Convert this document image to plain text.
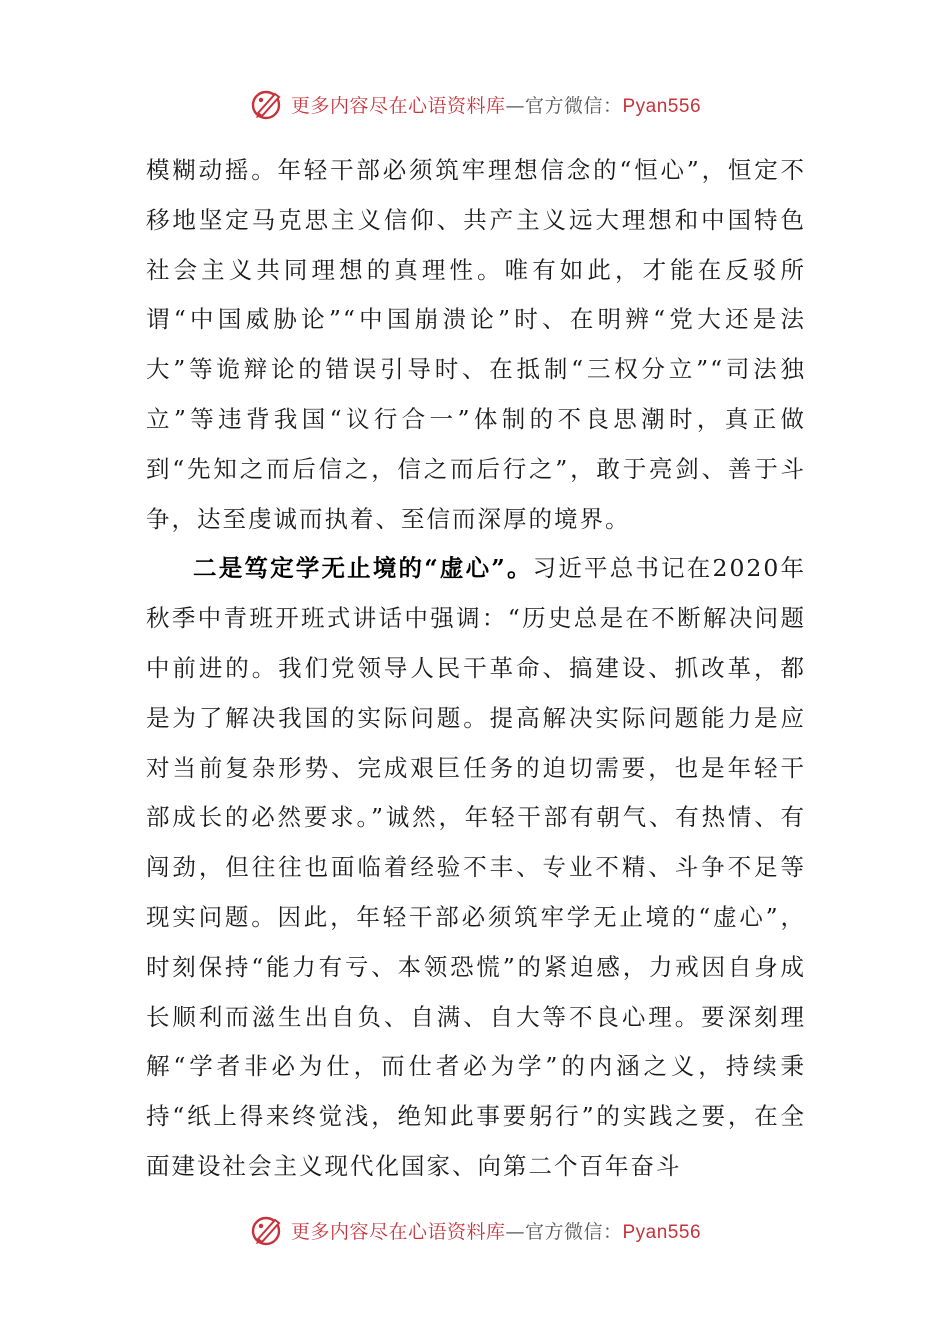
更多内容尽在心语资料库—官方微信：Pyan556

模糊动摇。年轻干部必须筑牢理想信念的“恒心”，恒定不移地坚定马克思主义信仰、共产主义远大理想和中国特色社会主义共同理想的真理性。唯有如此，才能在反驳所谓“中国威胁论”“中国崩溃论”时、在明辨“党大还是法大”等诡辩论的错误引导时、在抵制“三权分立”“司法独立”等违背我国“议行合一”体制的不良思潮时，真正做到“先知之而后信之，信之而后行之”，敢于亮剑、善于斗争，达至虔诚而执着、至信而深厚的境界。

二是笃定学无止境的“虚心”。习近平总书记在2020年秋季中青班开班式讲话中强调：“历史总是在不断解决问题中前进的。我们党领导人民干革命、搞建设、抓改革，都是为了解决我国的实际问题。提高解决实际问题能力是应对当前复杂形势、完成艰巨任务的迫切需要，也是年轻干部成长的必然要求。”诚然，年轻干部有朝气、有热情、有闯劲，但往往也面临着经验不丰、专业不精、斗争不足等现实问题。因此，年轻干部必须筑牢学无止境的“虚心”，时刻保持“能力有亏、本领恐慌”的紧迫感，力戒因自身成长顺利而滋生出自负、自满、自大等不良心理。要深刻理解“学者非必为仕，而仕者必为学”的内涵之义，持续秉持“纸上得来终觉浅，绝知此事要躬行”的实践之要，在全面建设社会主义现代化国家、向第二个百年奋斗

更多内容尽在心语资料库—官方微信：Pyan556
